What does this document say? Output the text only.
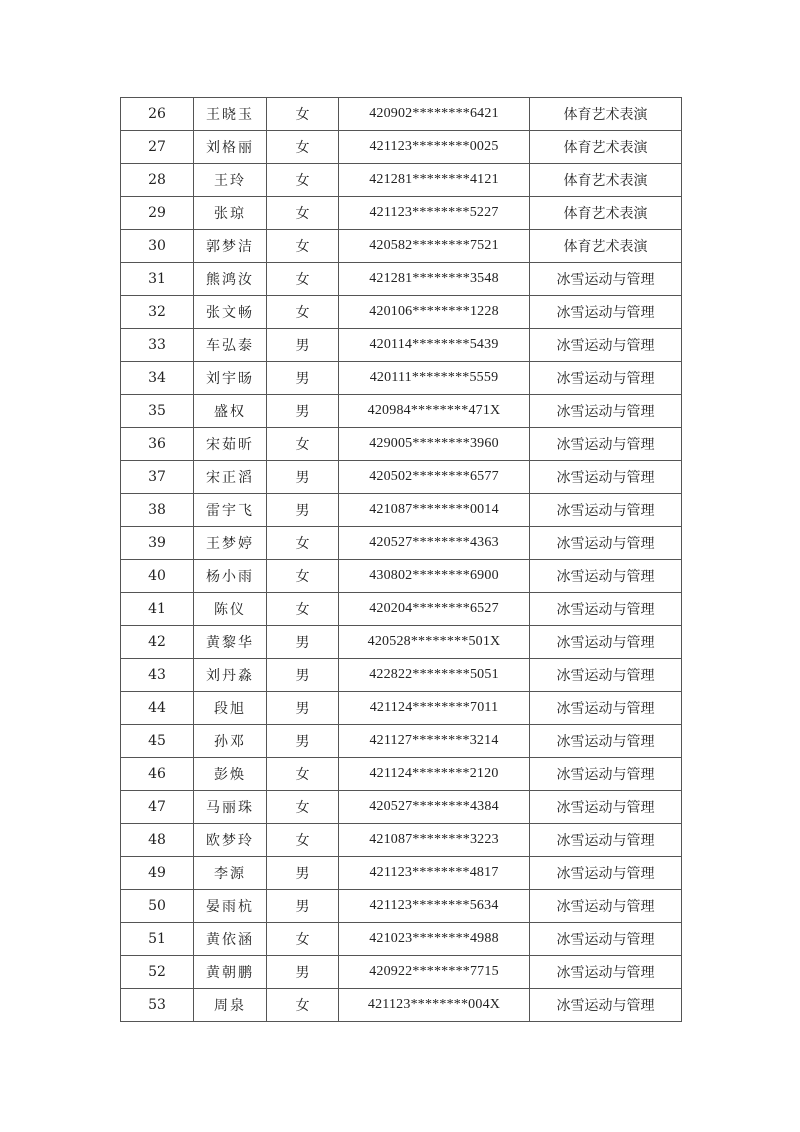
26	王晓玉	女	420902********6421	体育艺术表演
27	刘格丽	女	421123********0025	体育艺术表演
28	王玲	女	421281********4121	体育艺术表演
29	张琼	女	421123********5227	体育艺术表演
30	郭梦洁	女	420582********7521	体育艺术表演
31	熊鸿汝	女	421281********3548	冰雪运动与管理
32	张文畅	女	420106********1228	冰雪运动与管理
33	车弘泰	男	420114********5439	冰雪运动与管理
34	刘宇旸	男	420111********5559	冰雪运动与管理
35	盛权	男	420984********471X	冰雪运动与管理
36	宋茹昕	女	429005********3960	冰雪运动与管理
37	宋正滔	男	420502********6577	冰雪运动与管理
38	雷宇飞	男	421087********0014	冰雪运动与管理
39	王梦婷	女	420527********4363	冰雪运动与管理
40	杨小雨	女	430802********6900	冰雪运动与管理
41	陈仪	女	420204********6527	冰雪运动与管理
42	黄黎华	男	420528********501X	冰雪运动与管理
43	刘丹淼	男	422822********5051	冰雪运动与管理
44	段旭	男	421124********7011	冰雪运动与管理
45	孙邓	男	421127********3214	冰雪运动与管理
46	彭焕	女	421124********2120	冰雪运动与管理
47	马丽珠	女	420527********4384	冰雪运动与管理
48	欧梦玲	女	421087********3223	冰雪运动与管理
49	李源	男	421123********4817	冰雪运动与管理
50	晏雨杭	男	421123********5634	冰雪运动与管理
51	黄依涵	女	421023********4988	冰雪运动与管理
52	黄朝鹏	男	420922********7715	冰雪运动与管理
53	周泉	女	421123********004X	冰雪运动与管理
